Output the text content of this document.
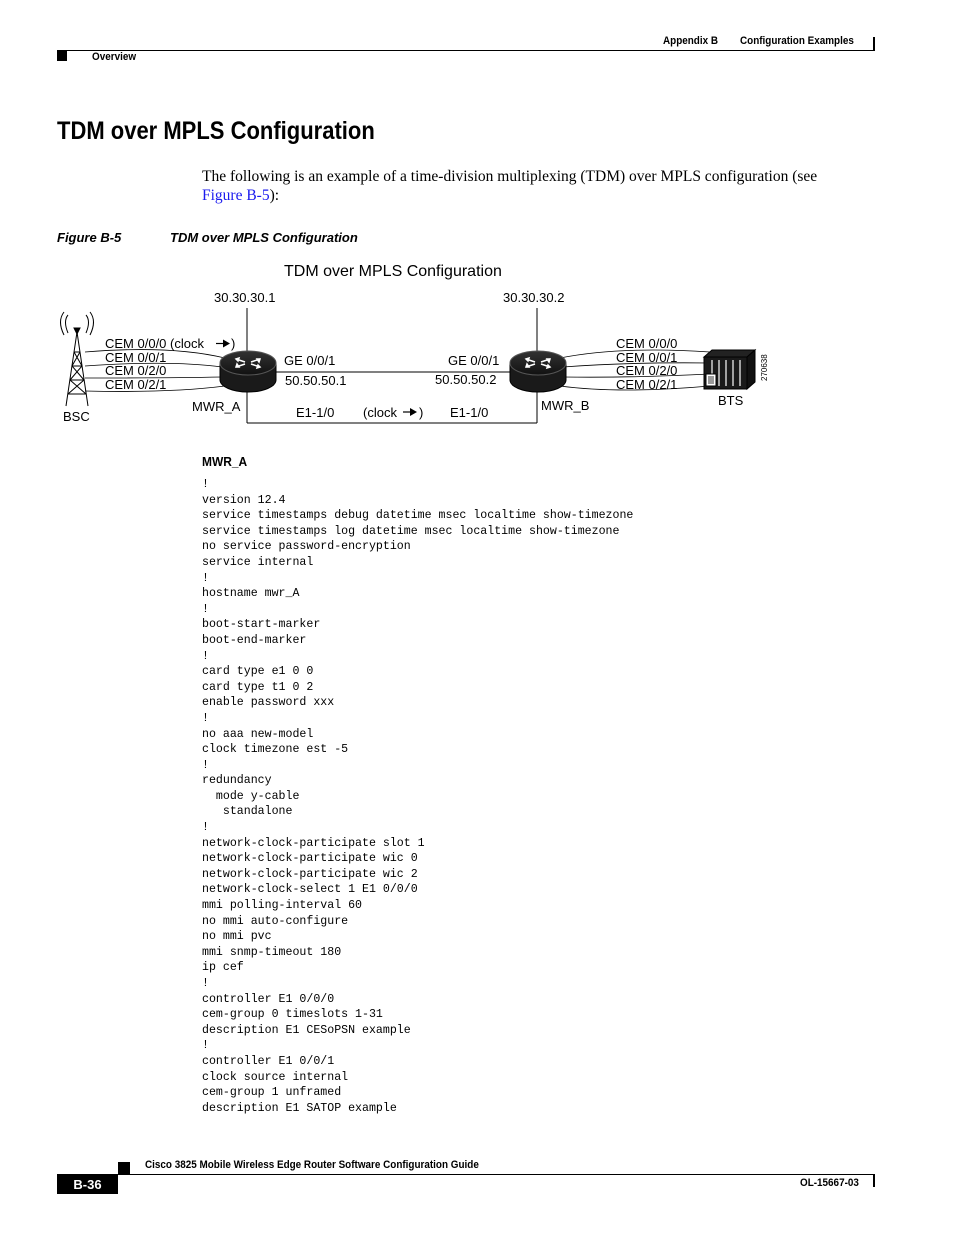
Appendix B Configuration Examples
Overview
TDM over MPLS Configuration
The following is an example of a time-division multiplexing (TDM) over MPLS configuration (see
Figure B-5):
Figure B-5	TDM over MPLS Configuration
TDM over MPLS Configuration
30.30.30.1	30.30.30.2
BSC
BTS
270638
CEM 0/0/0 (clock )
CEM 0/0/1
CEM 0/2/0
CEM 0/2/1
CEM 0/0/0
CEM 0/0/1
CEM 0/2/0
CEM 0/2/1
GE 0/0/1	GE 0/0/1
50.50.50.1	50.50.50.2
MWR_A	MWR_B
E1-1/0 (clock ) E1-1/0
MWR_A
!
version 12.4
service timestamps debug datetime msec localtime show-timezone
service timestamps log datetime msec localtime show-timezone
no service password-encryption
service internal
!
hostname mwr_A
!
boot-start-marker
boot-end-marker
!
card type e1 0 0
card type t1 0 2
enable password xxx
!
no aaa new-model
clock timezone est -5
!
redundancy
mode y-cable
standalone
!
network-clock-participate slot 1
network-clock-participate wic 0
network-clock-participate wic 2
network-clock-select 1 E1 0/0/0
mmi polling-interval 60
no mmi auto-configure
no mmi pvc
mmi snmp-timeout 180
ip cef
!
controller E1 0/0/0
cem-group 0 timeslots 1-31
description E1 CESoPSN example
!
controller E1 0/0/1
clock source internal
cem-group 1 unframed
description E1 SATOP example
Cisco 3825 Mobile Wireless Edge Router Software Configuration Guide
B-36	OL-15667-03
